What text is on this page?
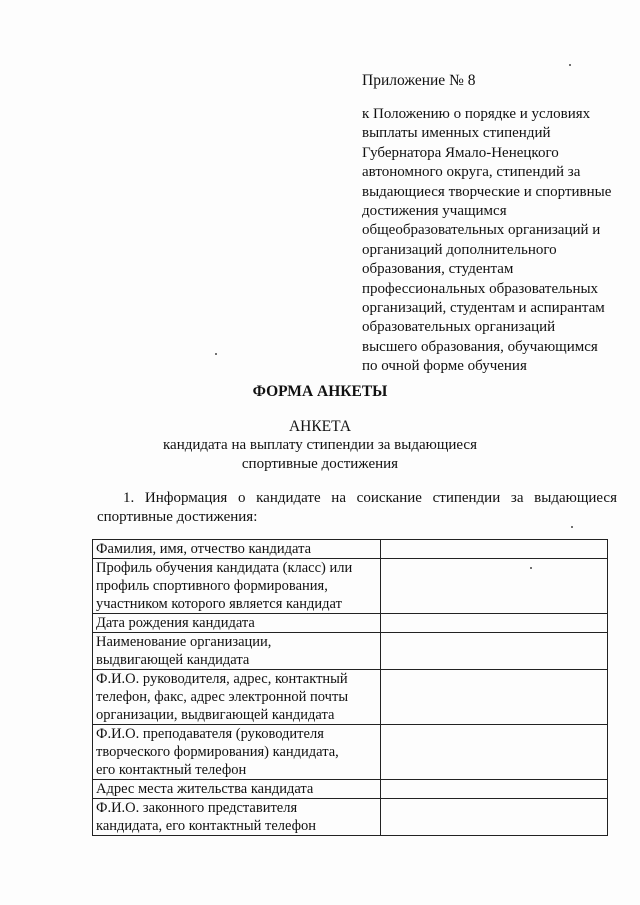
Приложение № 8
к Положению о порядке и условиях
выплаты именных стипендий
Губернатора Ямало-Ненецкого
автономного округа, стипендий за
выдающиеся творческие и спортивные
достижения учащимся
общеобразовательных организаций и
организаций дополнительного
образования, студентам
профессиональных образовательных
организаций, студентам и аспирантам
образовательных организаций
высшего образования, обучающимся
по очной форме обучения
ФОРМА АНКЕТЫ
АНКЕТА
кандидата на выплату стипендии за выдающиеся
спортивные достижения
1. Информация о кандидате на соискание стипендии за выдающиеся
спортивные достижения:
Фамилия, имя, отчество кандидата	

Профиль обучения кандидата (класс) или
профиль спортивного формирования,
участником которого является кандидат	

Дата рождения кандидата	

Наименование организации,
выдвигающей кандидата	

Ф.И.О. руководителя, адрес, контактный
телефон, факс, адрес электронной почты
организации, выдвигающей кандидата	

Ф.И.О. преподавателя (руководителя
творческого формирования) кандидата,
его контактный телефон	

Адрес места жительства кандидата	

Ф.И.О. законного представителя
кандидата, его контактный телефон	
